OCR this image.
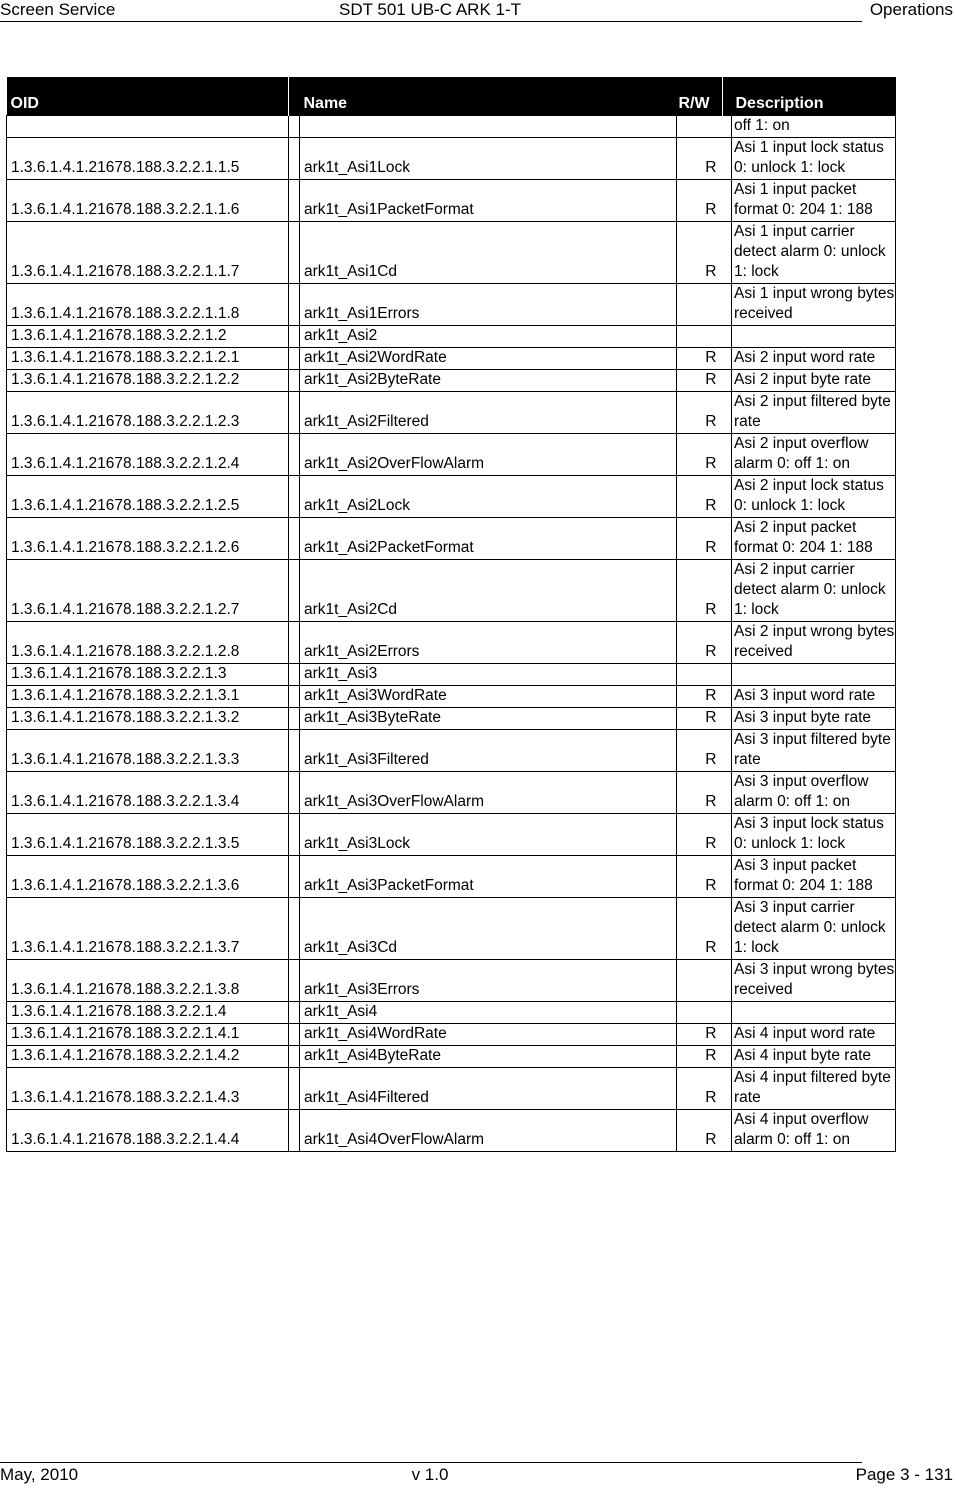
Screen Service	SDT 501 UB-C ARK 1-T	Operations
OID		Name	R/W		Description
					off 1: on
1.3.6.1.4.1.21678.188.3.2.2.1.1.5		ark1t_Asi1Lock	R		Asi 1 input lock status 0: unlock 1: lock
1.3.6.1.4.1.21678.188.3.2.2.1.1.6		ark1t_Asi1PacketFormat	R		Asi 1 input packet format 0: 204 1: 188
1.3.6.1.4.1.21678.188.3.2.2.1.1.7		ark1t_Asi1Cd	R		Asi 1 input carrier detect alarm 0: unlock 1: lock
1.3.6.1.4.1.21678.188.3.2.2.1.1.8		ark1t_Asi1Errors			Asi 1 input wrong bytes received
1.3.6.1.4.1.21678.188.3.2.2.1.2		ark1t_Asi2			
1.3.6.1.4.1.21678.188.3.2.2.1.2.1		ark1t_Asi2WordRate	R		Asi 2 input word rate
1.3.6.1.4.1.21678.188.3.2.2.1.2.2		ark1t_Asi2ByteRate	R		Asi 2 input byte rate
1.3.6.1.4.1.21678.188.3.2.2.1.2.3		ark1t_Asi2Filtered	R		Asi 2 input filtered byte rate
1.3.6.1.4.1.21678.188.3.2.2.1.2.4		ark1t_Asi2OverFlowAlarm	R		Asi 2 input overflow alarm 0: off 1: on
1.3.6.1.4.1.21678.188.3.2.2.1.2.5		ark1t_Asi2Lock	R		Asi 2 input lock status 0: unlock 1: lock
1.3.6.1.4.1.21678.188.3.2.2.1.2.6		ark1t_Asi2PacketFormat	R		Asi 2 input packet format 0: 204 1: 188
1.3.6.1.4.1.21678.188.3.2.2.1.2.7		ark1t_Asi2Cd	R		Asi 2 input carrier detect alarm 0: unlock 1: lock
1.3.6.1.4.1.21678.188.3.2.2.1.2.8		ark1t_Asi2Errors	R		Asi 2 input wrong bytes received
1.3.6.1.4.1.21678.188.3.2.2.1.3		ark1t_Asi3			
1.3.6.1.4.1.21678.188.3.2.2.1.3.1		ark1t_Asi3WordRate	R		Asi 3 input word rate
1.3.6.1.4.1.21678.188.3.2.2.1.3.2		ark1t_Asi3ByteRate	R		Asi 3 input byte rate
1.3.6.1.4.1.21678.188.3.2.2.1.3.3		ark1t_Asi3Filtered	R		Asi 3 input filtered byte rate
1.3.6.1.4.1.21678.188.3.2.2.1.3.4		ark1t_Asi3OverFlowAlarm	R		Asi 3 input overflow alarm 0: off 1: on
1.3.6.1.4.1.21678.188.3.2.2.1.3.5		ark1t_Asi3Lock	R		Asi 3 input lock status 0: unlock 1: lock
1.3.6.1.4.1.21678.188.3.2.2.1.3.6		ark1t_Asi3PacketFormat	R		Asi 3 input packet format 0: 204 1: 188
1.3.6.1.4.1.21678.188.3.2.2.1.3.7		ark1t_Asi3Cd	R		Asi 3 input carrier detect alarm 0: unlock 1: lock
1.3.6.1.4.1.21678.188.3.2.2.1.3.8		ark1t_Asi3Errors			Asi 3 input wrong bytes received
1.3.6.1.4.1.21678.188.3.2.2.1.4		ark1t_Asi4			
1.3.6.1.4.1.21678.188.3.2.2.1.4.1		ark1t_Asi4WordRate	R		Asi 4 input word rate
1.3.6.1.4.1.21678.188.3.2.2.1.4.2		ark1t_Asi4ByteRate	R		Asi 4 input byte rate
1.3.6.1.4.1.21678.188.3.2.2.1.4.3		ark1t_Asi4Filtered	R		Asi 4 input filtered byte rate
1.3.6.1.4.1.21678.188.3.2.2.1.4.4		ark1t_Asi4OverFlowAlarm	R		Asi 4 input overflow alarm 0: off 1: on
May, 2010	v 1.0	Page 3 - 131
